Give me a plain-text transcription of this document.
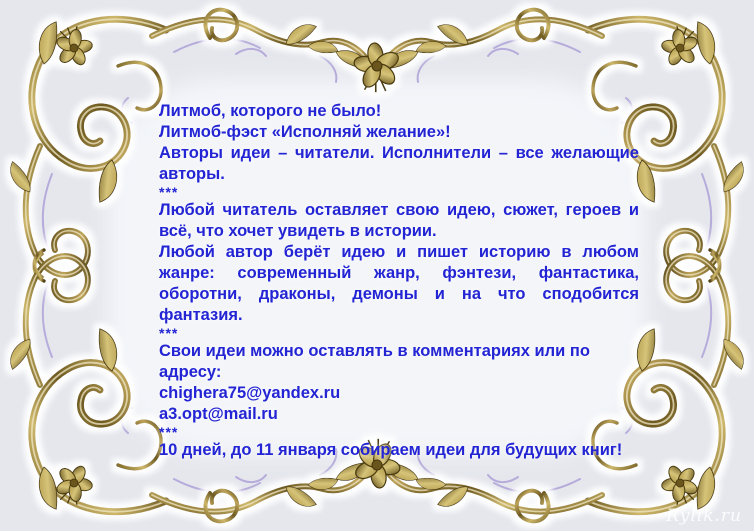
Литмоб, которого не было!

Литмоб-фэст «Исполняй желание»!

Авторы идеи – читатели. Исполнители – все желающие авторы.

***

Любой читатель оставляет свою идею, сюжет, героев и всё, что хочет увидеть в истории.

Любой автор берёт идею и пишет историю в любом жанре: современный жанр, фэнтези, фантастика, оборотни, драконы, демоны и на что сподобится фантазия.

***

Свои идеи можно оставлять в комментариях или по адресу:

chighera75@yandex.ru

a3.opt@mail.ru

***

10 дней, до 11 января собираем идеи для будущих книг!

Rylik.ru
